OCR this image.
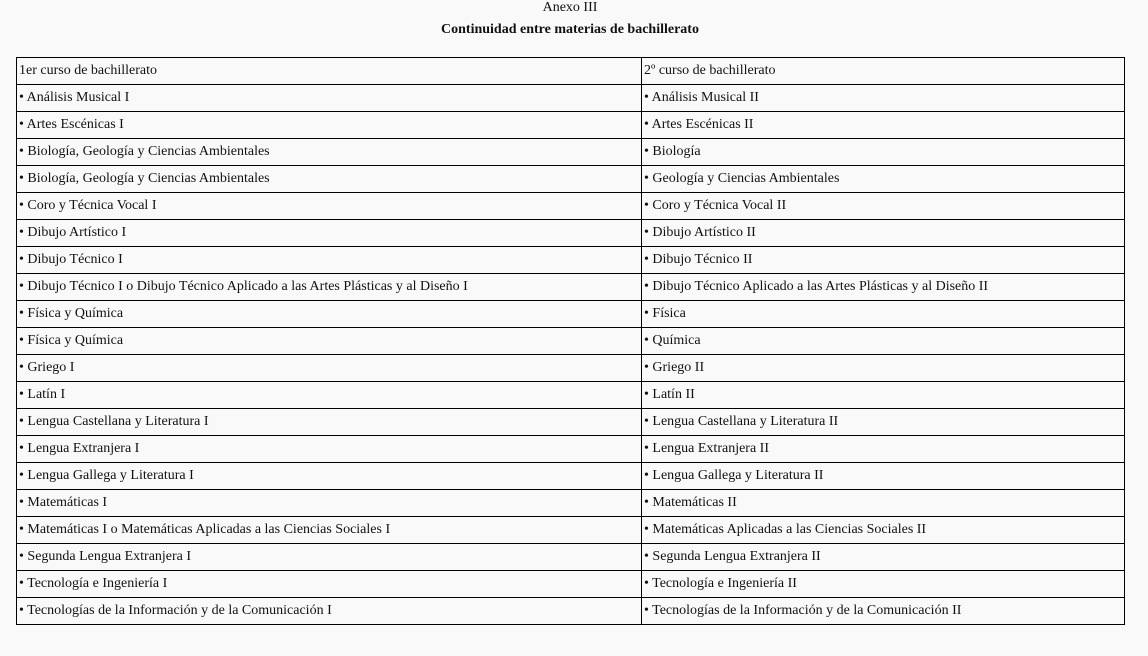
Anexo III
Continuidad entre materias de bachillerato
1er curso de bachillerato	2º curso de bachillerato
• Análisis Musical I	• Análisis Musical II
• Artes Escénicas I	• Artes Escénicas II
• Biología, Geología y Ciencias Ambientales	• Biología
• Biología, Geología y Ciencias Ambientales	• Geología y Ciencias Ambientales
• Coro y Técnica Vocal I	• Coro y Técnica Vocal II
• Dibujo Artístico I	• Dibujo Artístico II
• Dibujo Técnico I	• Dibujo Técnico II
• Dibujo Técnico I o Dibujo Técnico Aplicado a las Artes Plásticas y al Diseño I	• Dibujo Técnico Aplicado a las Artes Plásticas y al Diseño II
• Física y Química	• Física
• Física y Química	• Química
• Griego I	• Griego II
• Latín I	• Latín II
• Lengua Castellana y Literatura I	• Lengua Castellana y Literatura II
• Lengua Extranjera I	• Lengua Extranjera II
• Lengua Gallega y Literatura I	• Lengua Gallega y Literatura II
• Matemáticas I	• Matemáticas II
• Matemáticas I o Matemáticas Aplicadas a las Ciencias Sociales I	• Matemáticas Aplicadas a las Ciencias Sociales II
• Segunda Lengua Extranjera I	• Segunda Lengua Extranjera II
• Tecnología e Ingeniería I	• Tecnología e Ingeniería II
• Tecnologías de la Información y de la Comunicación I	• Tecnologías de la Información y de la Comunicación II
